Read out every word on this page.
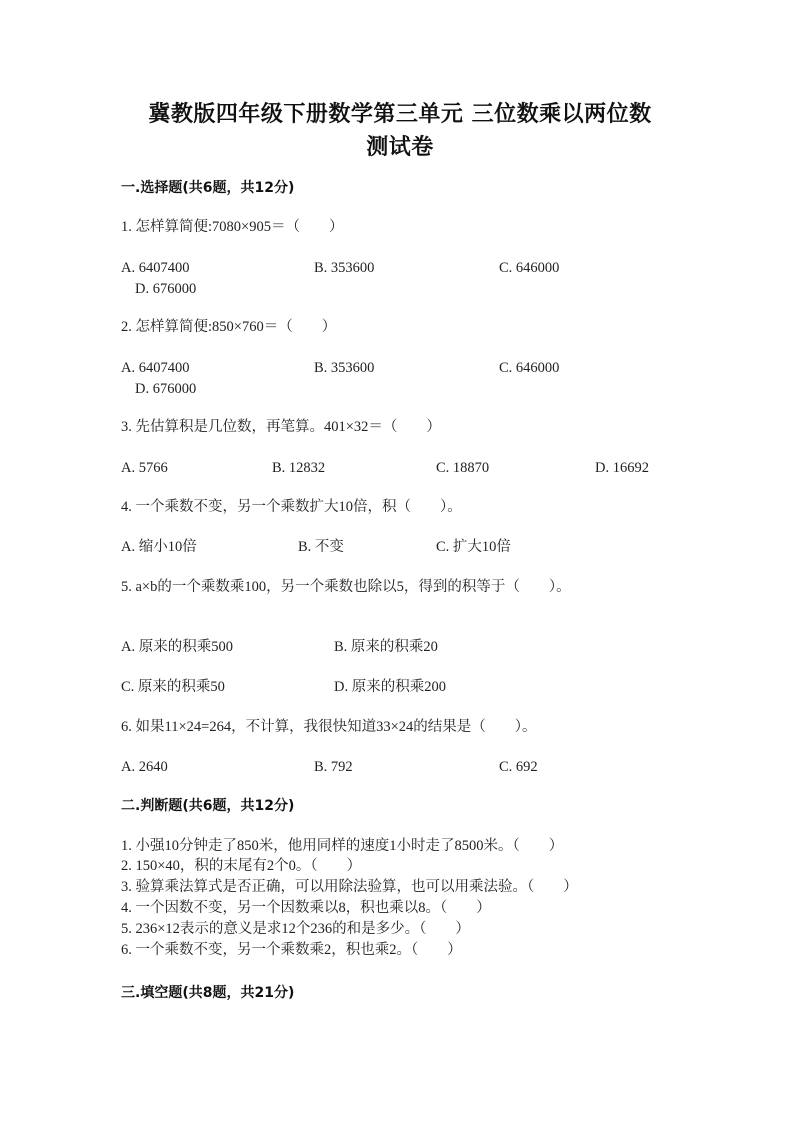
冀教版四年级下册数学第三单元 三位数乘以两位数
测试卷
一.选择题(共6题，共12分)
1. 怎样算简便:7080×905＝（　　）
A. 6407400	B. 353600	C. 646000
D. 676000
2. 怎样算简便:850×760＝（　　）
A. 6407400	B. 353600	C. 646000
D. 676000
3. 先估算积是几位数，再笔算。401×32＝（　　）
A. 5766	B. 12832	C. 18870	D. 16692
4. 一个乘数不变，另一个乘数扩大10倍，积（　　）。
A. 缩小10倍	B. 不变	C. 扩大10倍
5. a×b的一个乘数乘100，另一个乘数也除以5，得到的积等于（　　）。
A. 原来的积乘500	B. 原来的积乘20
C. 原来的积乘50	D. 原来的积乘200
6. 如果11×24=264，不计算，我很快知道33×24的结果是（　　）。
A. 2640	B. 792	C. 692
二.判断题(共6题，共12分)
1. 小强10分钟走了850米，他用同样的速度1小时走了8500米。（　　）
2. 150×40，积的末尾有2个0。（　　）
3. 验算乘法算式是否正确，可以用除法验算，也可以用乘法验。（　　）
4. 一个因数不变，另一个因数乘以8，积也乘以8。（　　）
5. 236×12表示的意义是求12个236的和是多少。（　　）
6. 一个乘数不变，另一个乘数乘2，积也乘2。（　　）
三.填空题(共8题，共21分)
